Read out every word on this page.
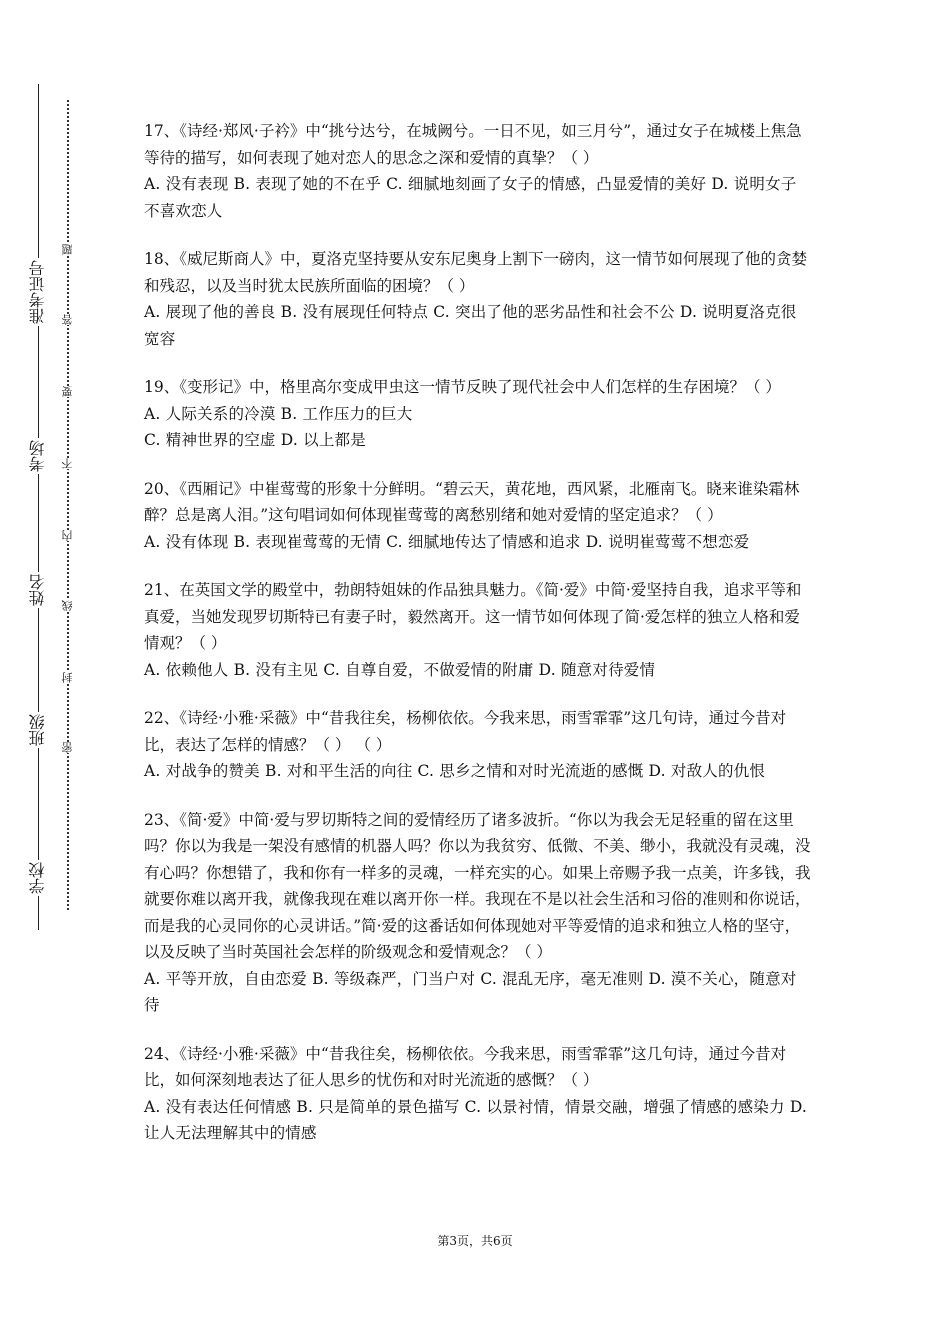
学校
班级
姓名
考场
准考证号
密
封
线
内
不
要
答
题

17、《诗经·郑风·子衿》中“挑兮达兮，在城阙兮。一日不见，如三月兮”，通过女子在城楼上焦急等待的描写，如何表现了她对恋人的思念之深和爱情的真挚？（ ）

A. 没有表现 B. 表现了她的不在乎 C. 细腻地刻画了女子的情感，凸显爱情的美好 D. 说明女子不喜欢恋人

18、《威尼斯商人》中，夏洛克坚持要从安东尼奥身上割下一磅肉，这一情节如何展现了他的贪婪和残忍，以及当时犹太民族所面临的困境？（ ）

A. 展现了他的善良 B. 没有展现任何特点 C. 突出了他的恶劣品性和社会不公 D. 说明夏洛克很宽容

19、《变形记》中，格里高尔变成甲虫这一情节反映了现代社会中人们怎样的生存困境？（ ）

A. 人际关系的冷漠 B. 工作压力的巨大
C. 精神世界的空虚 D. 以上都是

20、《西厢记》中崔莺莺的形象十分鲜明。“碧云天，黄花地，西风紧，北雁南飞。晓来谁染霜林醉？总是离人泪。”这句唱词如何体现崔莺莺的离愁别绪和她对爱情的坚定追求？（ ）

A. 没有体现 B. 表现崔莺莺的无情 C. 细腻地传达了情感和追求 D. 说明崔莺莺不想恋爱

21、在英国文学的殿堂中，勃朗特姐妹的作品独具魅力。《简·爱》中简·爱坚持自我，追求平等和真爱，当她发现罗切斯特已有妻子时，毅然离开。这一情节如何体现了简·爱怎样的独立人格和爱情观？（ ）

A. 依赖他人 B. 没有主见 C. 自尊自爱，不做爱情的附庸 D. 随意对待爱情

22、《诗经·小雅·采薇》中“昔我往矣，杨柳依依。今我来思，雨雪霏霏”这几句诗，通过今昔对比，表达了怎样的情感？（ ） （ ）

A. 对战争的赞美 B. 对和平生活的向往 C. 思乡之情和对时光流逝的感慨 D. 对敌人的仇恨

23、《简·爱》中简·爱与罗切斯特之间的爱情经历了诸多波折。“你以为我会无足轻重的留在这里吗？你以为我是一架没有感情的机器人吗？你以为我贫穷、低微、不美、缈小，我就没有灵魂，没有心吗？你想错了，我和你有一样多的灵魂，一样充实的心。如果上帝赐予我一点美，许多钱，我就要你难以离开我，就像我现在难以离开你一样。我现在不是以社会生活和习俗的准则和你说话，而是我的心灵同你的心灵讲话。”简·爱的这番话如何体现她对平等爱情的追求和独立人格的坚守，以及反映了当时英国社会怎样的阶级观念和爱情观念？（ ）

A. 平等开放，自由恋爱 B. 等级森严，门当户对 C. 混乱无序，毫无准则 D. 漠不关心，随意对待

24、《诗经·小雅·采薇》中“昔我往矣，杨柳依依。今我来思，雨雪霏霏”这几句诗，通过今昔对比，如何深刻地表达了征人思乡的忧伤和对时光流逝的感慨？（ ）

A. 没有表达任何情感 B. 只是简单的景色描写 C. 以景衬情，情景交融，增强了情感的感染力 D. 让人无法理解其中的情感

第3页，共6页
